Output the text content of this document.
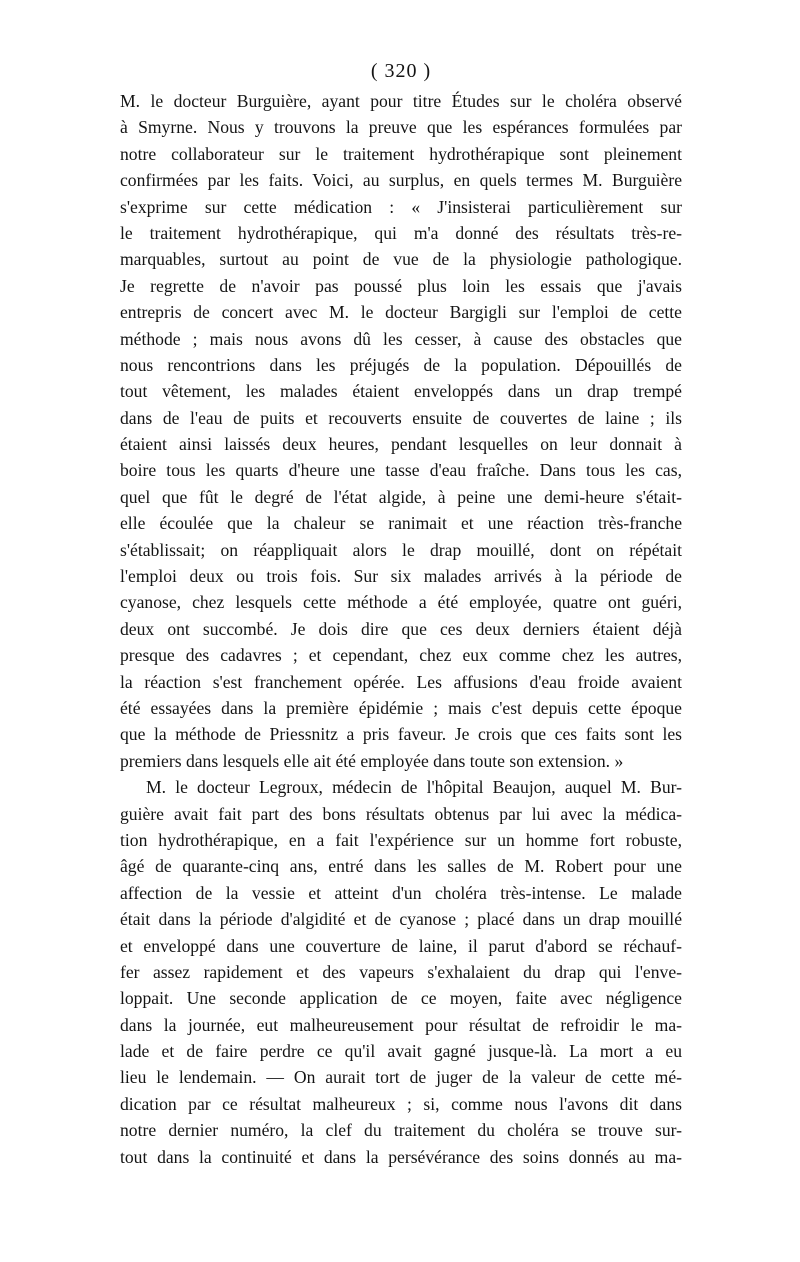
( 320 )
M. le docteur Burguière, ayant pour titre Études sur le choléra observé
à Smyrne. Nous y trouvons la preuve que les espérances formulées par
notre collaborateur sur le traitement hydrothérapique sont pleinement
confirmées par les faits. Voici, au surplus, en quels termes M. Burguière
s'exprime sur cette médication : « J'insisterai particulièrement sur
le traitement hydrothérapique, qui m'a donné des résultats très-re-
marquables, surtout au point de vue de la physiologie pathologique.
Je regrette de n'avoir pas poussé plus loin les essais que j'avais
entrepris de concert avec M. le docteur Bargigli sur l'emploi de cette
méthode ; mais nous avons dû les cesser, à cause des obstacles que
nous rencontrions dans les préjugés de la population. Dépouillés de
tout vêtement, les malades étaient enveloppés dans un drap trempé
dans de l'eau de puits et recouverts ensuite de couvertes de laine ; ils
étaient ainsi laissés deux heures, pendant lesquelles on leur donnait à
boire tous les quarts d'heure une tasse d'eau fraîche. Dans tous les cas,
quel que fût le degré de l'état algide, à peine une demi-heure s'était-
elle écoulée que la chaleur se ranimait et une réaction très-franche
s'établissait; on réappliquait alors le drap mouillé, dont on répétait
l'emploi deux ou trois fois. Sur six malades arrivés à la période de
cyanose, chez lesquels cette méthode a été employée, quatre ont guéri,
deux ont succombé. Je dois dire que ces deux derniers étaient déjà
presque des cadavres ; et cependant, chez eux comme chez les autres,
la réaction s'est franchement opérée. Les affusions d'eau froide avaient
été essayées dans la première épidémie ; mais c'est depuis cette époque
que la méthode de Priessnitz a pris faveur. Je crois que ces faits sont les
premiers dans lesquels elle ait été employée dans toute son extension. »
M. le docteur Legroux, médecin de l'hôpital Beaujon, auquel M. Bur-
guière avait fait part des bons résultats obtenus par lui avec la médica-
tion hydrothérapique, en a fait l'expérience sur un homme fort robuste,
âgé de quarante-cinq ans, entré dans les salles de M. Robert pour une
affection de la vessie et atteint d'un choléra très-intense. Le malade
était dans la période d'algidité et de cyanose ; placé dans un drap mouillé
et enveloppé dans une couverture de laine, il parut d'abord se réchauf-
fer assez rapidement et des vapeurs s'exhalaient du drap qui l'enve-
loppait. Une seconde application de ce moyen, faite avec négligence
dans la journée, eut malheureusement pour résultat de refroidir le ma-
lade et de faire perdre ce qu'il avait gagné jusque-là. La mort a eu
lieu le lendemain. — On aurait tort de juger de la valeur de cette mé-
dication par ce résultat malheureux ; si, comme nous l'avons dit dans
notre dernier numéro, la clef du traitement du choléra se trouve sur-
tout dans la continuité et dans la persévérance des soins donnés au ma-
